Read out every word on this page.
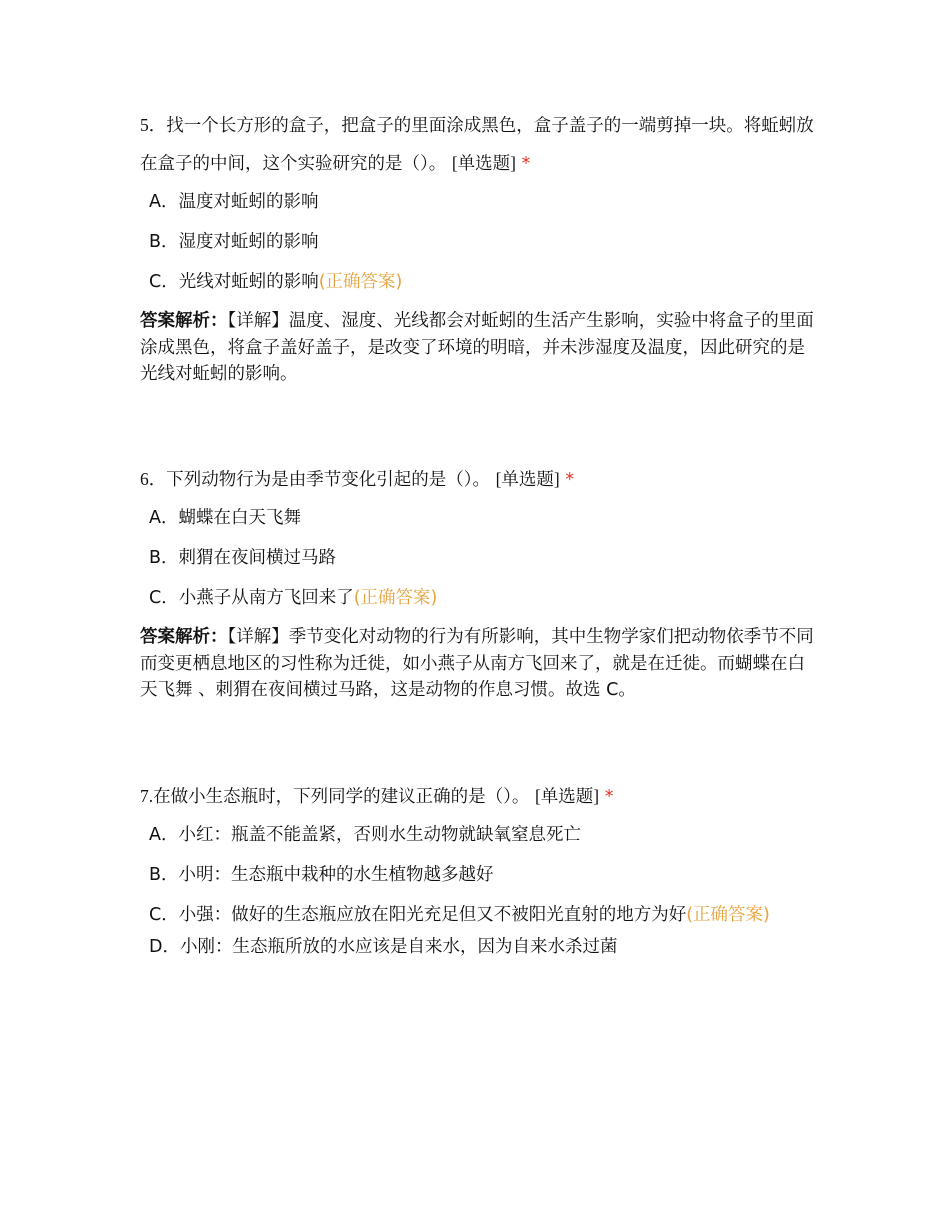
5．找一个长方形的盒子，把盒子的里面涂成黑色，盒子盖子的一端剪掉一块。将蚯蚓放在盒子的中间，这个实验研究的是（）。 [单选题] *

A．温度对蚯蚓的影响
B．湿度对蚯蚓的影响
C．光线对蚯蚓的影响(正确答案)
答案解析：【详解】温度、湿度、光线都会对蚯蚓的生活产生影响，实验中将盒子的里面涂成黑色，将盒子盖好盖子，是改变了环境的明暗，并未涉湿度及温度，因此研究的是光线对蚯蚓的影响。

6．下列动物行为是由季节变化引起的是（）。 [单选题] *

A．蝴蝶在白天飞舞
B．刺猬在夜间横过马路
C．小燕子从南方飞回来了(正确答案)
答案解析：【详解】季节变化对动物的行为有所影响，其中生物学家们把动物依季节不同而变更栖息地区的习性称为迁徙，如小燕子从南方飞回来了，就是在迁徙。而蝴蝶在白天飞舞 、刺猬在夜间横过马路，这是动物的作息习惯。故选 C。

7.在做小生态瓶时，下列同学的建议正确的是（）。 [单选题] *

A．小红：瓶盖不能盖紧，否则水生动物就缺氧窒息死亡
B．小明：生态瓶中栽种的水生植物越多越好
C．小强：做好的生态瓶应放在阳光充足但又不被阳光直射的地方为好(正确答案)
D．小刚：生态瓶所放的水应该是自来水，因为自来水杀过菌
